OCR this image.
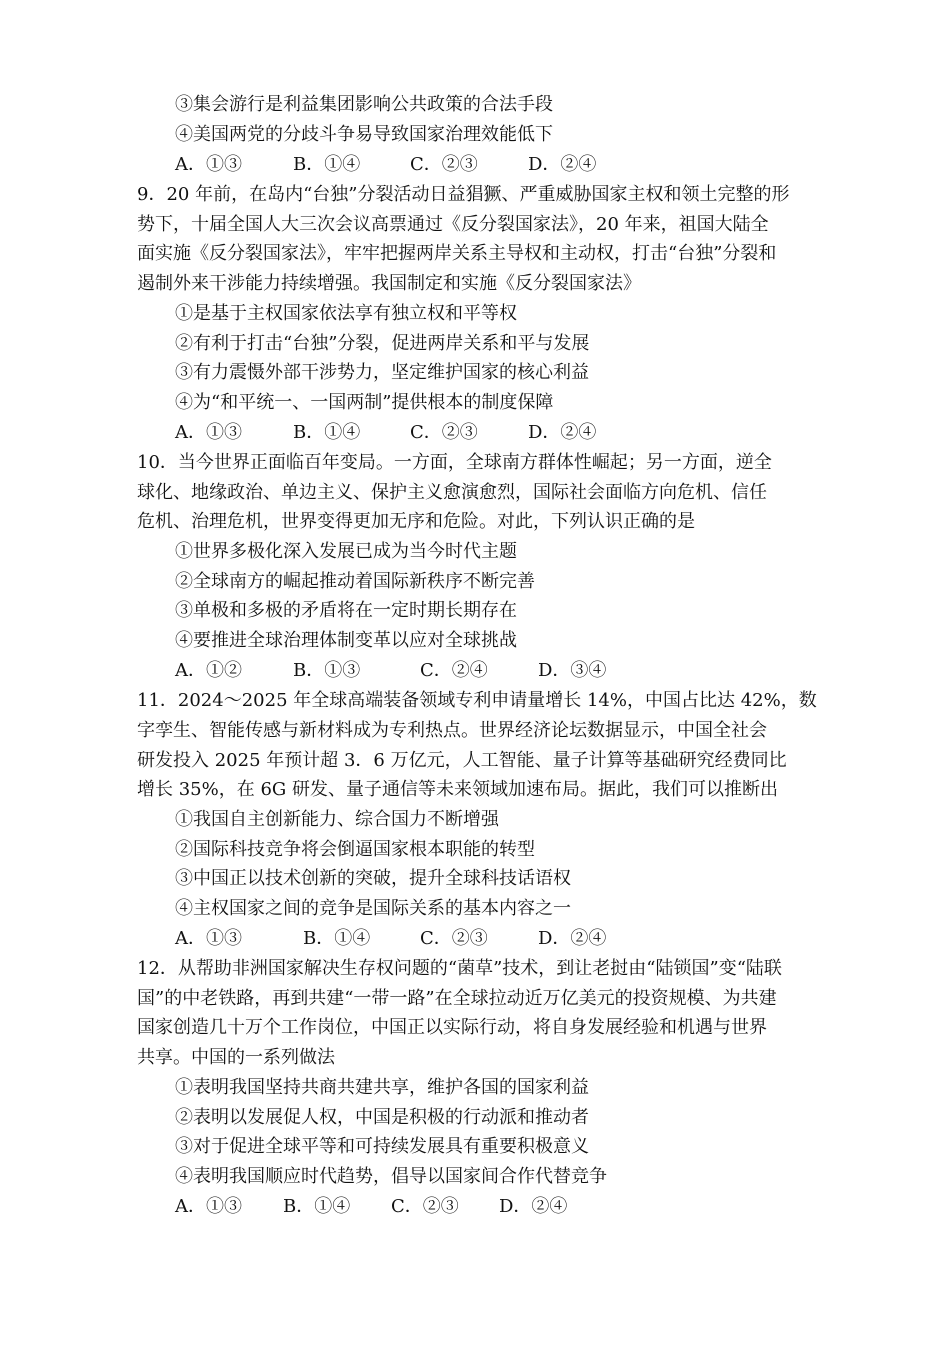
③集会游行是利益集团影响公共政策的合法手段
④美国两党的分歧斗争易导致国家治理效能低下
A．①③	B．①④	C．②③	D．②④
9．20 年前，在岛内“台独”分裂活动日益猖獗、严重威胁国家主权和领土完整的形
势下，十届全国人大三次会议高票通过《反分裂国家法》，20 年来，祖国大陆全
面实施《反分裂国家法》，牢牢把握两岸关系主导权和主动权，打击“台独”分裂和
遏制外来干涉能力持续增强。我国制定和实施《反分裂国家法》
①是基于主权国家依法享有独立权和平等权
②有利于打击“台独”分裂，促进两岸关系和平与发展
③有力震慑外部干涉势力，坚定维护国家的核心利益
④为“和平统一、一国两制”提供根本的制度保障
A．①③	B．①④	C．②③	D．②④
10．当今世界正面临百年变局。一方面，全球南方群体性崛起；另一方面，逆全
球化、地缘政治、单边主义、保护主义愈演愈烈，国际社会面临方向危机、信任
危机、治理危机，世界变得更加无序和危险。对此，下列认识正确的是
①世界多极化深入发展已成为当今时代主题
②全球南方的崛起推动着国际新秩序不断完善
③单极和多极的矛盾将在一定时期长期存在
④要推进全球治理体制变革以应对全球挑战
A．①②	B．①③	C．②④	D．③④
11．2024～2025 年全球高端装备领域专利申请量增长 14%，中国占比达 42%，数
字孪生、智能传感与新材料成为专利热点。世界经济论坛数据显示，中国全社会
研发投入 2025 年预计超 3．6 万亿元，人工智能、量子计算等基础研究经费同比
增长 35%，在 6G 研发、量子通信等未来领域加速布局。据此，我们可以推断出
①我国自主创新能力、综合国力不断增强
②国际科技竞争将会倒逼国家根本职能的转型
③中国正以技术创新的突破，提升全球科技话语权
④主权国家之间的竞争是国际关系的基本内容之一
A．①③	B．①④	C．②③	D．②④
12．从帮助非洲国家解决生存权问题的“菌草”技术，到让老挝由“陆锁国”变“陆联
国”的中老铁路，再到共建“一带一路”在全球拉动近万亿美元的投资规模、为共建
国家创造几十万个工作岗位，中国正以实际行动，将自身发展经验和机遇与世界
共享。中国的一系列做法
①表明我国坚持共商共建共享，维护各国的国家利益
②表明以发展促人权，中国是积极的行动派和推动者
③对于促进全球平等和可持续发展具有重要积极意义
④表明我国顺应时代趋势，倡导以国家间合作代替竞争
A．①③ B．①④ C．②③ D．②④
